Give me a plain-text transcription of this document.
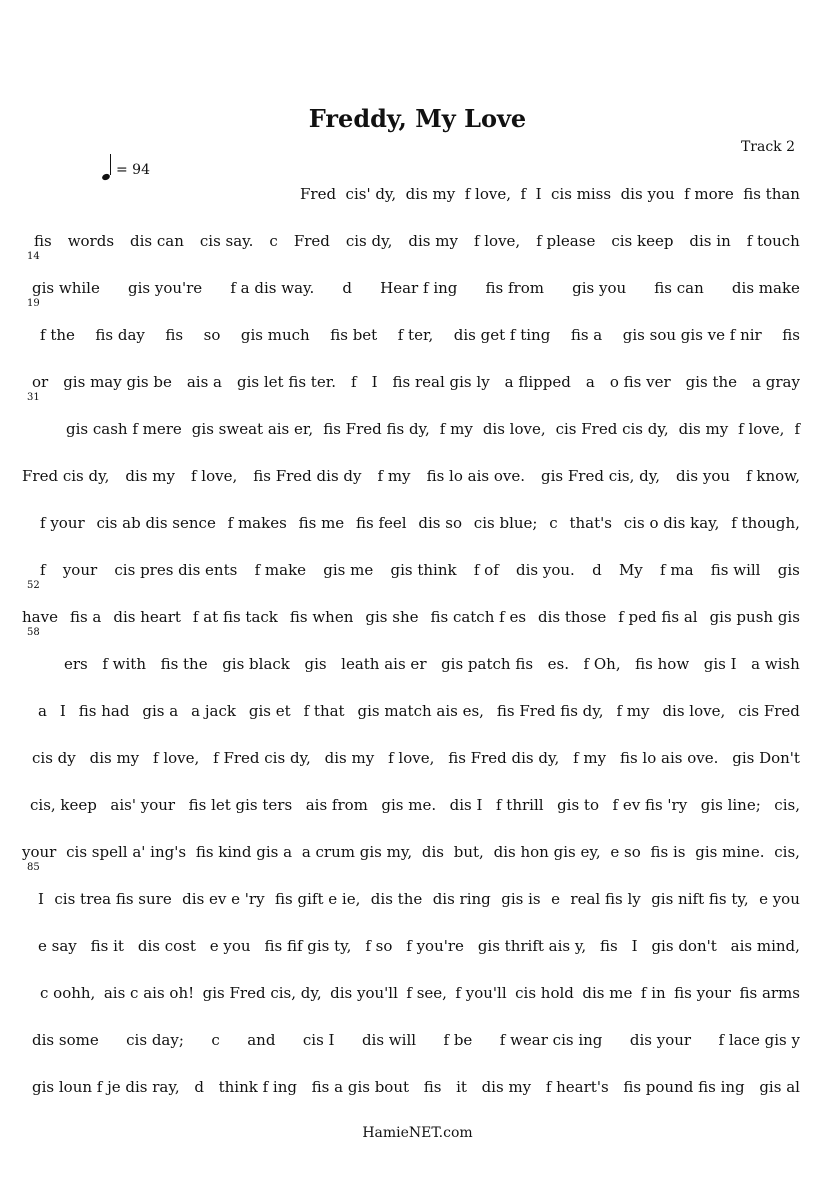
Freddy, My Love
Track 2
= 94
Fred cis' dy, dis my f love, f  I cis miss dis you f more fis than
fis words dis can cis say. c Fred cis dy, dis my f love, f please cis keep dis in f touch
14
gis while gis you're f a dis way. d Hear f ing fis from gis you fis can dis make
19
f the fis day fis so gis much fis bet f ter, dis get f ting fis a gis sou gis ve f nir fis
or gis may gis be ais a gis let fis ter. f I fis real gis ly a flipped a o fis ver gis the a gray
31
gis cash f mere gis sweat ais er, fis Fred fis dy, f my dis love, cis Fred cis dy, dis my f love, f
Fred cis dy, dis my f love, fis Fred dis dy f my fis lo ais ove. gis Fred cis, dy, dis you f know,
f your cis ab dis sence f makes fis me fis feel dis so cis blue; c that's cis o dis kay, f though,
f your cis pres dis ents f make gis me gis think f of dis you. d My f ma fis will gis
52
have fis a dis heart f at fis tack fis when gis she fis catch f es dis those f ped fis al gis push gis
58
ers f with fis the gis black gis leath ais er gis patch fis es. f Oh, fis how gis I a wish
a I fis had gis a a jack gis et f that gis match ais es, fis Fred fis dy, f my dis love, cis Fred
cis dy dis my f love, f Fred cis dy, dis my f love, fis Fred dis dy, f my fis lo ais ove. gis Don't
cis, keep ais' your fis let gis ters ais from gis me. dis I f thrill gis to f ev fis 'ry gis line; cis,
your cis spell a' ing's fis kind gis a a crum gis my, dis but, dis hon gis ey, e so fis is gis mine. cis,
85
I cis trea fis sure dis ev e 'ry fis gift e ie, dis the dis ring gis is e real fis ly gis nift fis ty, e you
e say fis it dis cost e you fis fif gis ty, f so f you're gis thrift ais y, fis I gis don't ais mind,
c oohh, ais c ais oh! gis Fred cis, dy, dis you'll f see, f you'll cis hold dis me f in fis your fis arms
dis some cis day; c and cis I dis will f be f wear cis ing dis your f lace gis y
gis loun f je dis ray, d think f ing fis a gis bout fis it dis my f heart's fis pound fis ing gis al
HamieNET.com
